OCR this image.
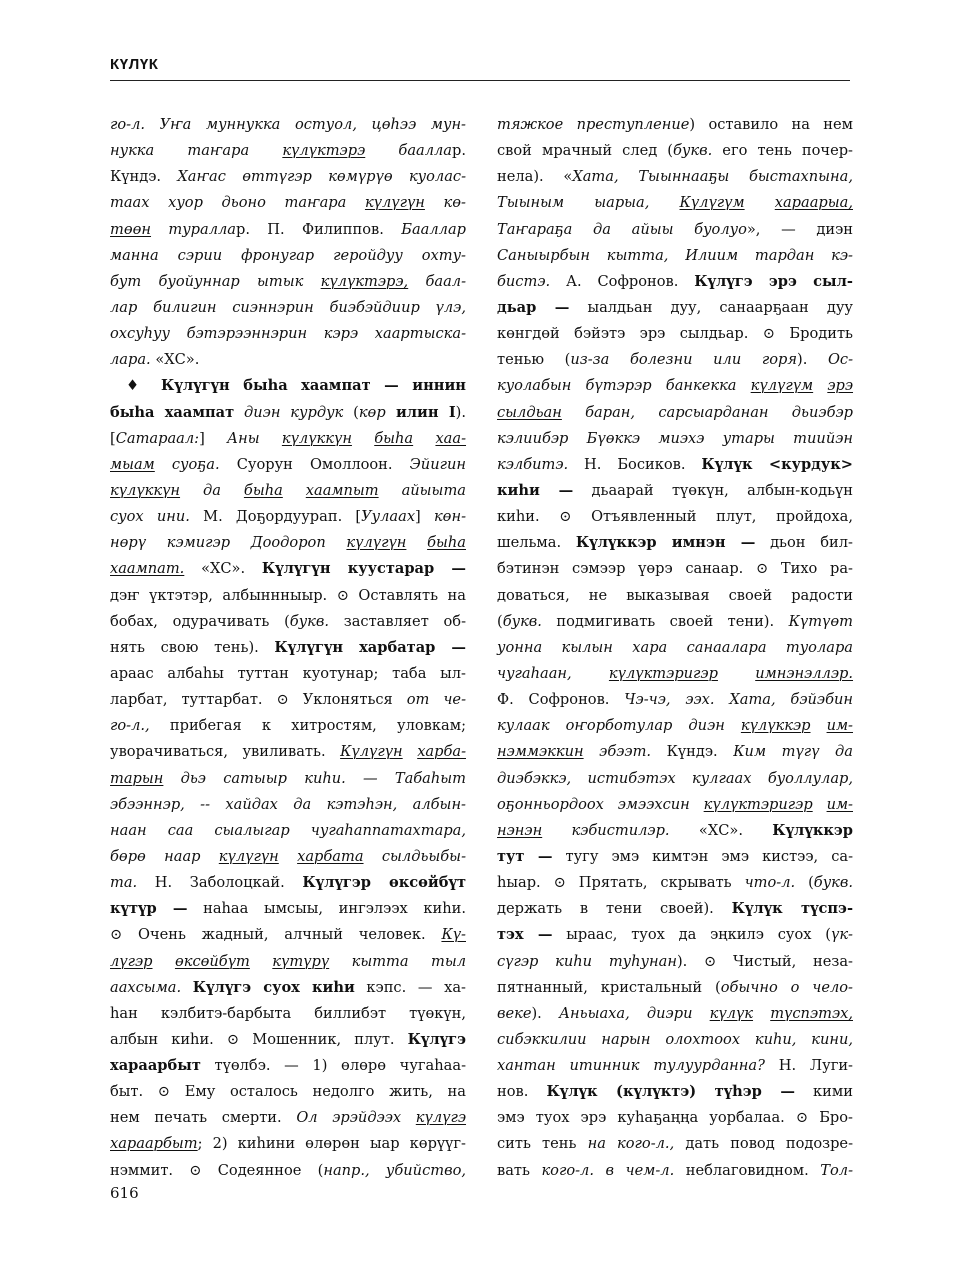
КҮЛҮК
го-л. Уҥа муннукка остуол, цөһээ мун-
нукка таҥара күлүктэрэ бааллар.
Күндэ. Хаҥас өттүгэр көмүрүө куолас-
таах хуор дьоно таҥара күлүгүн кө-
төөн тураллар. П. Филиппов. Бааллар
манна сэрии фронугар геройдуу охту-
бут буойуннар ытык күлүктэрэ, баал-
лар билигин сиэннэрин биэбэйдиир үлэ,
охсуһуу бэтэрээннэрин кэрэ хаартыска-
лара. «ХС».
♦ Күлүгүн быһа хаампат — иннин
быһа хаампат диэн курдук (көр илин I).
[Сатараал:] Аны күлүккүн быһа хаа-
мыам суоҕа. Суорун Омоллоон. Эйигин
күлүккүн да быһа хаампыт айыыта
суох ини. М. Доҕордуурап. [Уулаах] көн-
нөрү кэмигэр Доодороп күлүгүн быһа
хаампат. «ХС». Күлүгүн куустарар —
дэҥ үктэтэр, албыннныыр. ⊙ Оставлять на
бобах, одурачивать (букв. заставляет об-
нять свою тень). Күлүгүн харбатар —
араас албаһы туттан куотунар; таба ыл-
ларбат, туттарбат. ⊙ Уклоняться от че-
го-л., прибегая к хитростям, уловкам;
уворачиваться, увиливать. Күлүгүн харба-
тарын дьэ сатыыр киһи. — Табаһыт
эбээннэр, -- хайдах да кэтэһэн, албын-
наан саа сыалыгар чугаһаппатахтара,
бөрө наар күлүгүн харбата сылдьыбы-
та. Н. Заболоцкай. Күлүгэр өксөйбүт
күтүр — наһаа ымсыы, ингэлээх киһи.
⊙ Очень жадный, алчный человек. Кү-
лүгэр өксөйбүт күтүрү кытта тыл
аахсыма. Күлүгэ суох киһи кэпс. — ха-
һан кэлбитэ-барбыта биллибэт түөкүн,
албын киһи. ⊙ Мошенник, плут. Күлүгэ
хараарбыт түөлбэ. — 1) өлөрө чугаһаа-
быт. ⊙ Ему осталось недолго жить, на
нем печать смерти. Ол эрэйдээх күлүгэ
хараарбыт; 2) киһини өлөрөн ыар көрүүг-
нэммит. ⊙ Содеянное (напр., убийство,
тяжкое преступление) оставило на нем
свой мрачный след (букв. его тень почер-
нела). «Хата, Тыыннааҕы быстахпына,
Тыыным ыарыа, Күлүгүм хараарыа,
Таҥараҕа да айыы буолуо», — диэн
Саныырбын кытта, Илиим тардан кэ-
бистэ. А. Софронов. Күлүгэ эрэ сыл-
дьар — ыалдьан дуу, санаарҕаан дуу
көнгдөй бэйэтэ эрэ сылдьар. ⊙ Бродить
тенью (из-за болезни или горя). Ос-
куолабын бүтэрэр банкекка күлүгүм эрэ
сылдьан баран, сарсыарданан дьиэбэр
кэлиибэр Бүөккэ миэхэ утары тиийэн
кэлбитэ. Н. Босиков. Күлүк <курдук>
киһи — дьаарай түөкүн, албын-кодьүн
киһи. ⊙ Отъявленный плут, пройдоха,
шельма. Күлүккэр имнэн — дьон бил-
бэтинэн сэмээр үөрэ санаар. ⊙ Тихо ра-
доваться, не выказывая своей радости
(букв. подмигивать своей тени). Күтүөт
уонна кылын хара санаалара туолара
чугаһаан, күлүктэригэр	имнэнэллэр.
Ф. Софронов. Чэ-чэ, ээх. Хата, бэйэбин
кулаак оҥорботулар диэн күлүккэр им-
нэммэккин эбээт. Күндэ. Ким түгү да
диэбэккэ, истибэтэх кулгаах буоллулар,
оҕонньордоох эмээхсин күлүктэригэр им-
нэнэн кэбистилэр. «ХС». Күлүккэр
тут — тугу эмэ кимтэн эмэ кистээ, са-
һыар. ⊙ Прятать, скрывать что-л. (букв.
держать в тени своей). Күлүк түспэ-
тэх — ыраас, туох да эңкилэ суох (үк-
сүгэр киһи туһунан). ⊙ Чистый, неза-
пятнанный, кристальный (обычно о чело-
веке). Аньыаха, диэри күлүк түспэтэх,
сибэккилии нарын олохтоох киһи, кини,
хантан итинник тулуурданна? Н. Луги-
нов. Күлүк (күлүктэ) түһэр — кими
эмэ туох эрэ куһаҕаңңа уорбалаа. ⊙ Бро-
сить тень на кого-л., дать повод подозре-
вать кого-л. в чем-л. неблаговидном. Тол-
616
